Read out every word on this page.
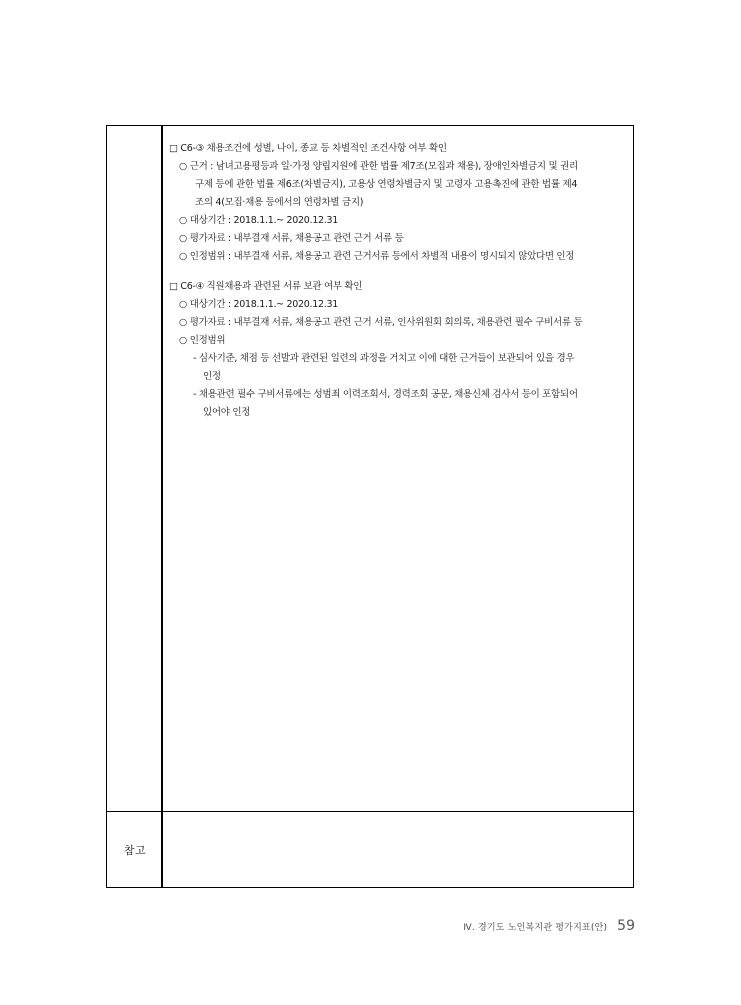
참고
□ C6-③ 채용조건에 성별, 나이, 종교 등 차별적인 조건사항 여부 확인
○ 근거 : 남녀고용평등과 일·가정 양립지원에 관한 법률 제7조(모집과 채용), 장애인차별금지 및 권리
구제 등에 관한 법률 제6조(차별금지), 고용상 연령차별금지 및 고령자 고용촉진에 관한 법률 제4
조의 4(모집·채용 등에서의 연령차별 금지)
○ 대상기간 : 2018.1.1.~ 2020.12.31
○ 평가자료 : 내부결재 서류, 채용공고 관련 근거 서류 등
○ 인정범위 : 내부결재 서류, 채용공고 관련 근거서류 등에서 차별적 내용이 명시되지 않았다면 인정
□ C6-④ 직원채용과 관련된 서류 보관 여부 확인
○ 대상기간 : 2018.1.1.~ 2020.12.31
○ 평가자료 : 내부결재 서류, 채용공고 관련 근거 서류, 인사위원회 회의록, 채용관련 필수 구비서류 등
○ 인정범위
- 심사기준, 채점 등 선발과 관련된 일련의 과정을 거치고 이에 대한 근거들이 보관되어 있을 경우
인정
- 채용관련 필수 구비서류에는 성범죄 이력조회서, 경력조회 공문, 채용신체 검사서 등이 포함되어
있어야 인정
Ⅳ. 경기도 노인복지관 평가지표(안) 59
